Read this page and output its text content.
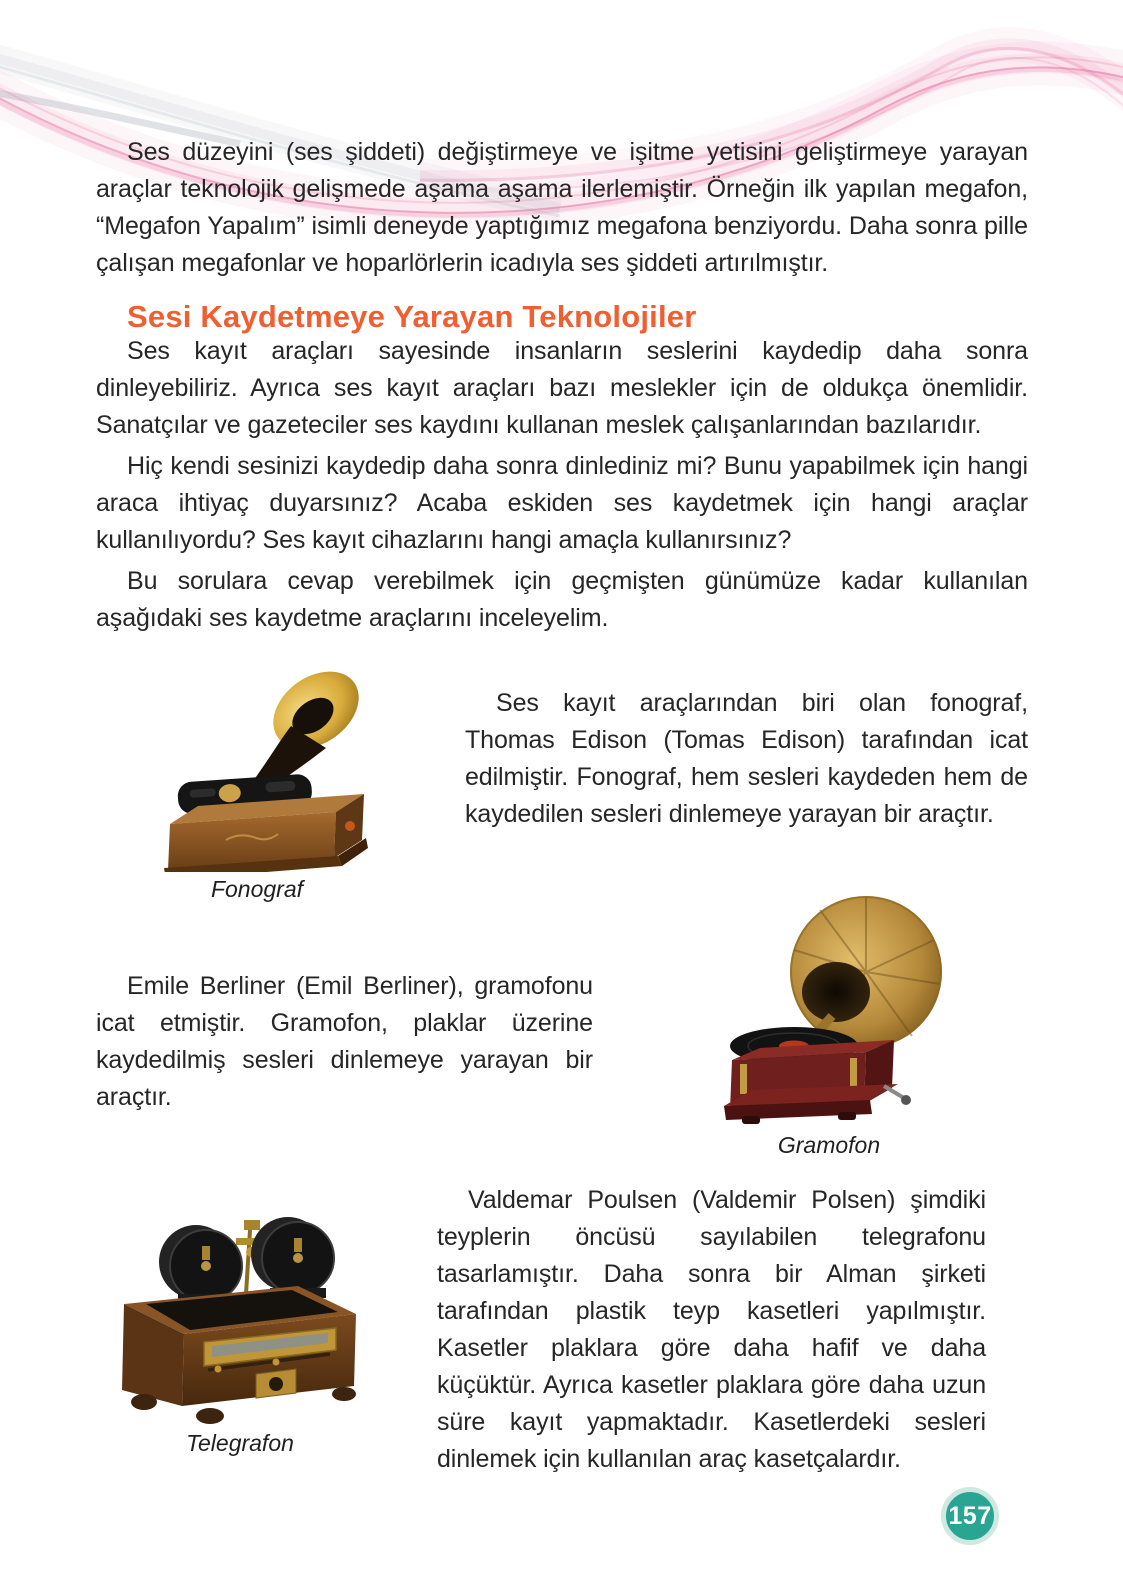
Ses düzeyini (ses şiddeti) değiştirmeye ve işitme yetisini geliştirmeye yarayan araçlar teknolojik gelişmede aşama aşama ilerlemiştir. Örneğin ilk yapılan megafon, “Megafon Yapalım” isimli deneyde yaptığımız megafona benziyordu. Daha sonra pille çalışan megafonlar ve hoparlörlerin icadıyla ses şiddeti artırılmıştır.

Sesi Kaydetmeye Yarayan Teknolojiler

Ses kayıt araçları sayesinde insanların seslerini kaydedip daha sonra dinleyebiliriz. Ayrıca ses kayıt araçları bazı meslekler için de oldukça önemlidir. Sanatçılar ve gazeteciler ses kaydını kullanan meslek çalışanlarından bazılarıdır.

Hiç kendi sesinizi kaydedip daha sonra dinlediniz mi? Bunu yapabilmek için hangi araca ihtiyaç duyarsınız? Acaba eskiden ses kaydetmek için hangi araçlar kullanılıyordu? Ses kayıt cihazlarını hangi amaçla kullanırsınız?

Bu sorulara cevap verebilmek için geçmişten günümüze kadar kullanılan aşağıdaki ses kaydetme araçlarını inceleyelim.

Fonograf

Ses kayıt araçlarından biri olan fonograf, Thomas Edison (Tomas Edison) tarafından icat edilmiştir. Fonograf, hem sesleri kaydeden hem de kaydedilen sesleri dinlemeye yarayan bir araçtır.

Emile Berliner (Emil Berliner), gramofonu icat etmiştir. Gramofon, plaklar üzerine kaydedilmiş sesleri dinlemeye yarayan bir araçtır.

Gramofon
Telegrafon

Valdemar Poulsen (Valdemir Polsen) şimdiki teyplerin öncüsü sayılabilen telegrafonu tasarlamıştır. Daha sonra bir Alman şirketi tarafından plastik teyp kasetleri yapılmıştır. Kasetler plaklara göre daha hafif ve daha küçüktür. Ayrıca kasetler plaklara göre daha uzun süre kayıt yapmaktadır. Kasetlerdeki sesleri dinlemek için kullanılan araç kasetçalardır.

157
